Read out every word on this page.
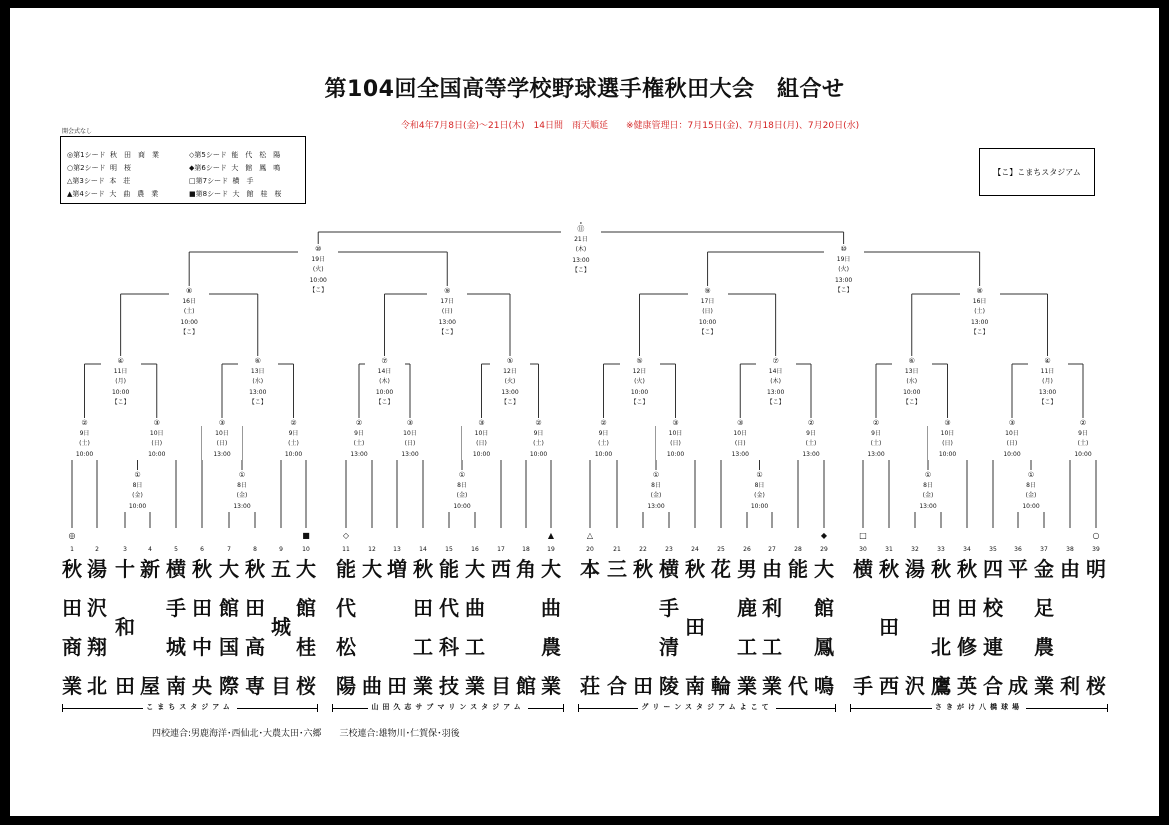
第104回全国高等学校野球選手権秋田大会　組合せ
令和4年7月8日(金)～21日(木)　14日間　雨天順延　　※健康管理日：7月15日(金)、7月18日(月)、7月20日(水)
開会式なし
◎第1シード 秋田商業
○第2シード 明桜
△第3シード 本荘
▲第4シード 大曲農業
◇第5シード 能代松陽
◆第6シード 大館鳳鳴
□第7シード 横手
■第8シード 大館桂桜
【こ】こまちスタジアム
①
8日
(金)
10:00
①
8日
(金)
13:00
①
8日
(金)
10:00
①
8日
(金)
13:00
①
8日
(金)
10:00
①
8日
(金)
13:00
①
8日
(金)
10:00
②
9日
(土)
10:00
③
10日
(日)
10:00
③
10日
(日)
13:00
②
9日
(土)
10:00
②
9日
(土)
13:00
③
10日
(日)
13:00
③
10日
(日)
10:00
②
9日
(土)
10:00
②
9日
(土)
10:00
③
10日
(日)
10:00
③
10日
(日)
13:00
②
9日
(土)
13:00
②
9日
(土)
13:00
③
10日
(日)
10:00
③
10日
(日)
10:00
②
9日
(土)
10:00
④
11日
(月)
10:00
【こ】
⑥
13日
(水)
13:00
【こ】
⑦
14日
(木)
10:00
【こ】
⑤
12日
(火)
13:00
【こ】
⑤
12日
(火)
10:00
【こ】
⑦
14日
(木)
13:00
【こ】
⑥
13日
(水)
10:00
【こ】
④
11日
(月)
13:00
【こ】
⑧
16日
(土)
10:00
【こ】
⑨
17日
(日)
13:00
【こ】
⑨
17日
(日)
10:00
【こ】
⑧
16日
(土)
13:00
【こ】
⑩
19日
(火)
10:00
【こ】
⑩
19日
(火)
13:00
【こ】
⑪
21日
(木)
13:00
【こ】
◎
1
秋
田
商
業
2
湯
沢
翔
北
3
十
和
田
4
新
屋
5
横
手
城
南
6
秋
田
中
央
7
大
館
国
際
8
秋
田
高
専
9
五
城
目
■
10
大
館
桂
桜
◇
11
能
代
松
陽
12
大
曲
13
増
田
14
秋
田
工
業
15
能
代
科
技
16
大
曲
工
業
17
西
目
18
角
館
▲
19
大
曲
農
業
△
20
本
荘
21
三
合
22
秋
田
23
横
手
清
陵
24
秋
田
南
25
花
輪
26
男
鹿
工
業
27
由
利
工
業
28
能
代
◆
29
大
館
鳳
鳴
□
30
横
手
31
秋
田
西
32
湯
沢
33
秋
田
北
鷹
34
秋
田
修
英
35
四
校
連
合
36
平
成
37
金
足
農
業
38
由
利
○
39
明
桜
こまちスタジアム	山田久志サブマリンスタジアム	グリーンスタジアムよこて	さきがけ八橋球場
四校連合:男鹿海洋･西仙北･大農太田･六郷　　三校連合:雄物川･仁賀保･羽後
